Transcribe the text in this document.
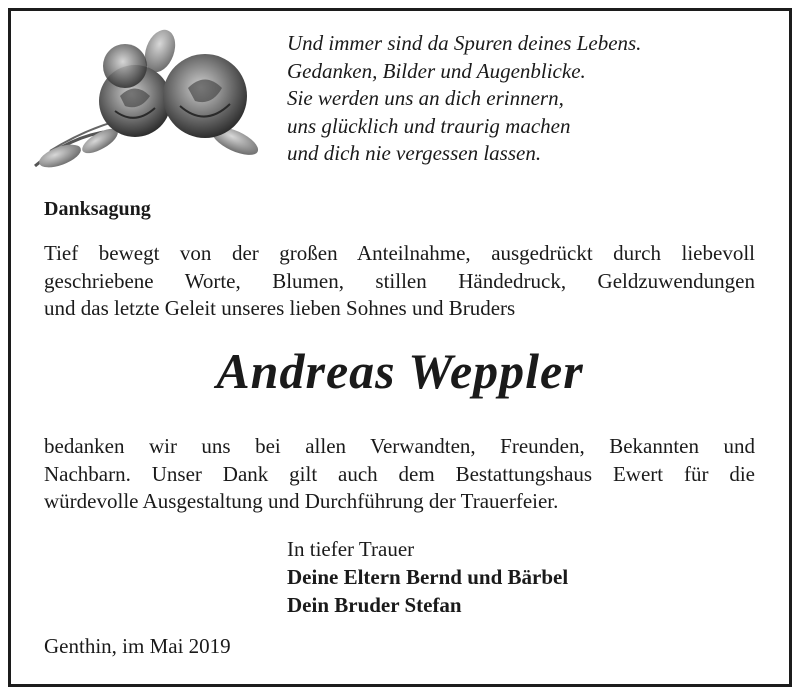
Und immer sind da Spuren deines Lebens.
Gedanken, Bilder und Augenblicke.
Sie werden uns an dich erinnern,
uns glücklich und traurig machen
und dich nie vergessen lassen.
Danksagung

Tief bewegt von der großen Anteilnahme, ausgedrückt durch liebevoll
geschriebene Worte, Blumen, stillen Händedruck, Geldzuwendungen
und das letzte Geleit unseres lieben Sohnes und Bruders

Andreas Weppler

bedanken wir uns bei allen Verwandten, Freunden, Bekannten und
Nachbarn. Unser Dank gilt auch dem Bestattungshaus Ewert für die
würdevolle Ausgestaltung und Durchführung der Trauerfeier.

In tiefer Trauer
Deine Eltern Bernd und Bärbel
Dein Bruder Stefan
Genthin, im Mai 2019
